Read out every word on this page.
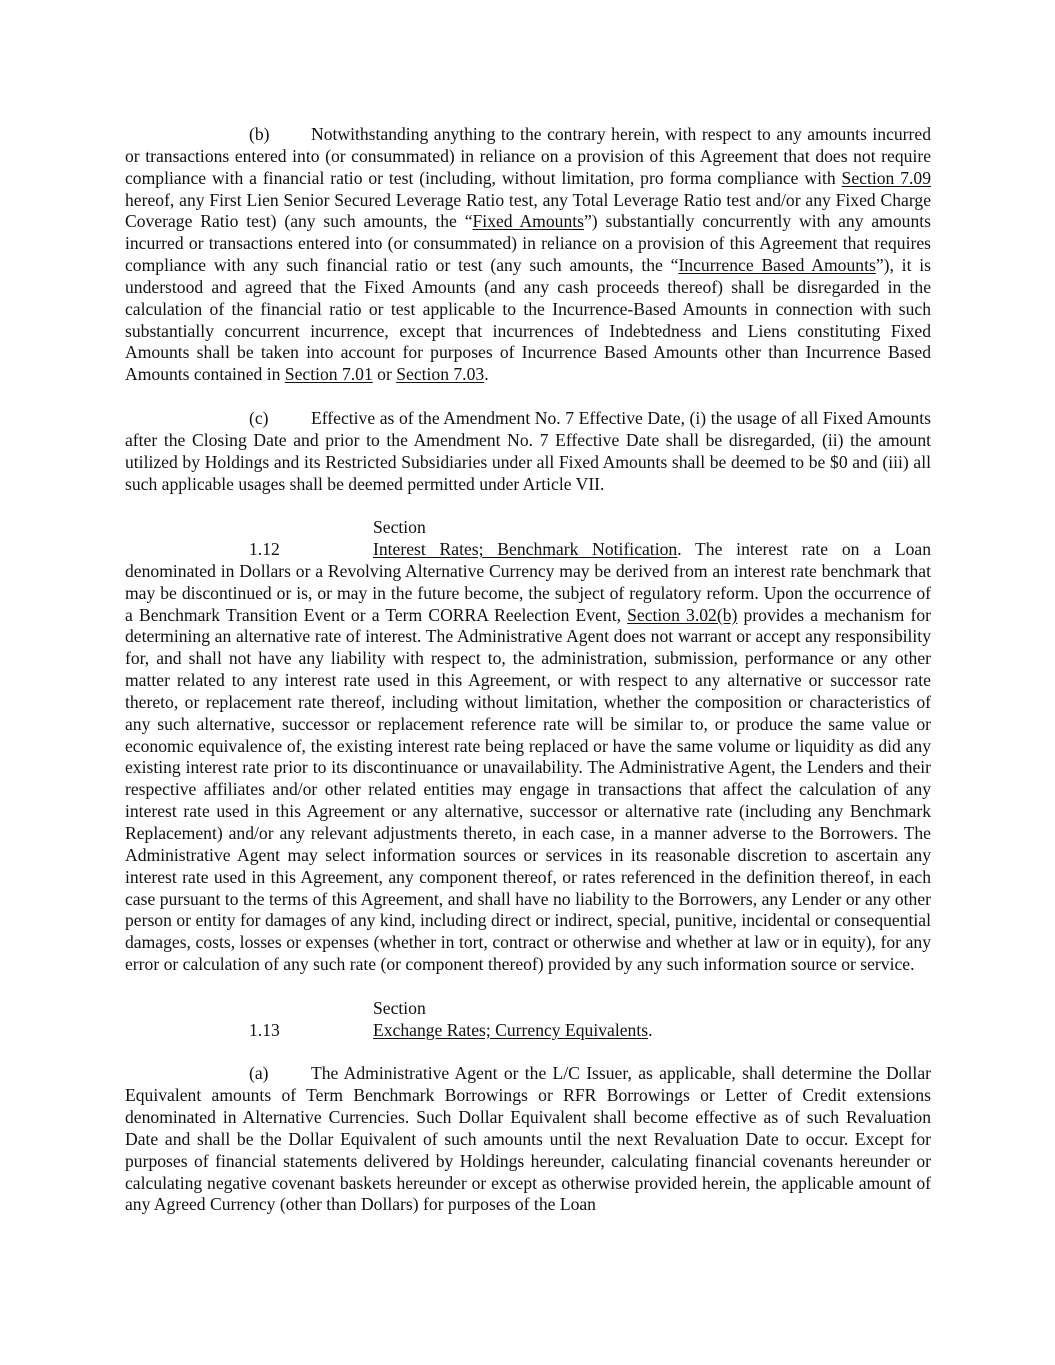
(b) Notwithstanding anything to the contrary herein, with respect to any amounts incurred or transactions entered into (or consummated) in reliance on a provision of this Agreement that does not require compliance with a financial ratio or test (including, without limitation, pro forma compliance with Section 7.09 hereof, any First Lien Senior Secured Leverage Ratio test, any Total Leverage Ratio test and/or any Fixed Charge Coverage Ratio test) (any such amounts, the “Fixed Amounts”) substantially concurrently with any amounts incurred or transactions entered into (or consummated) in reliance on a provision of this Agreement that requires compliance with any such financial ratio or test (any such amounts, the “Incurrence Based Amounts”), it is understood and agreed that the Fixed Amounts (and any cash proceeds thereof) shall be disregarded in the calculation of the financial ratio or test applicable to the Incurrence-Based Amounts in connection with such substantially concurrent incurrence, except that incurrences of Indebtedness and Liens constituting Fixed Amounts shall be taken into account for purposes of Incurrence Based Amounts other than Incurrence Based Amounts contained in Section 7.01 or Section 7.03.

(c) Effective as of the Amendment No. 7 Effective Date, (i) the usage of all Fixed Amounts after the Closing Date and prior to the Amendment No. 7 Effective Date shall be disregarded, (ii) the amount utilized by Holdings and its Restricted Subsidiaries under all Fixed Amounts shall be deemed to be $0 and (iii) all such applicable usages shall be deemed permitted under Article VII.

Section 1.12	Interest Rates; Benchmark Notification. The interest rate on a Loan denominated in Dollars or a Revolving Alternative Currency may be derived from an interest rate benchmark that may be discontinued or is, or may in the future become, the subject of regulatory reform. Upon the occurrence of a Benchmark Transition Event or a Term CORRA Reelection Event, Section 3.02(b) provides a mechanism for determining an alternative rate of interest. The Administrative Agent does not warrant or accept any responsibility for, and shall not have any liability with respect to, the administration, submission, performance or any other matter related to any interest rate used in this Agreement, or with respect to any alternative or successor rate thereto, or replacement rate thereof, including without limitation, whether the composition or characteristics of any such alternative, successor or replacement reference rate will be similar to, or produce the same value or economic equivalence of, the existing interest rate being replaced or have the same volume or liquidity as did any existing interest rate prior to its discontinuance or unavailability. The Administrative Agent, the Lenders and their respective affiliates and/or other related entities may engage in transactions that affect the calculation of any interest rate used in this Agreement or any alternative, successor or alternative rate (including any Benchmark Replacement) and/or any relevant adjustments thereto, in each case, in a manner adverse to the Borrowers. The Administrative Agent may select information sources or services in its reasonable discretion to ascertain any interest rate used in this Agreement, any component thereof, or rates referenced in the definition thereof, in each case pursuant to the terms of this Agreement, and shall have no liability to the Borrowers, any Lender or any other person or entity for damages of any kind, including direct or indirect, special, punitive, incidental or consequential damages, costs, losses or expenses (whether in tort, contract or otherwise and whether at law or in equity), for any error or calculation of any such rate (or component thereof) provided by any such information source or service.

Section 1.13	Exchange Rates; Currency Equivalents.

(a) The Administrative Agent or the L/C Issuer, as applicable, shall determine the Dollar Equivalent amounts of Term Benchmark Borrowings or RFR Borrowings or Letter of Credit extensions denominated in Alternative Currencies. Such Dollar Equivalent shall become effective as of such Revaluation Date and shall be the Dollar Equivalent of such amounts until the next Revaluation Date to occur. Except for purposes of financial statements delivered by Holdings hereunder, calculating financial covenants hereunder or calculating negative covenant baskets hereunder or except as otherwise provided herein, the applicable amount of any Agreed Currency (other than Dollars) for purposes of the Loan
